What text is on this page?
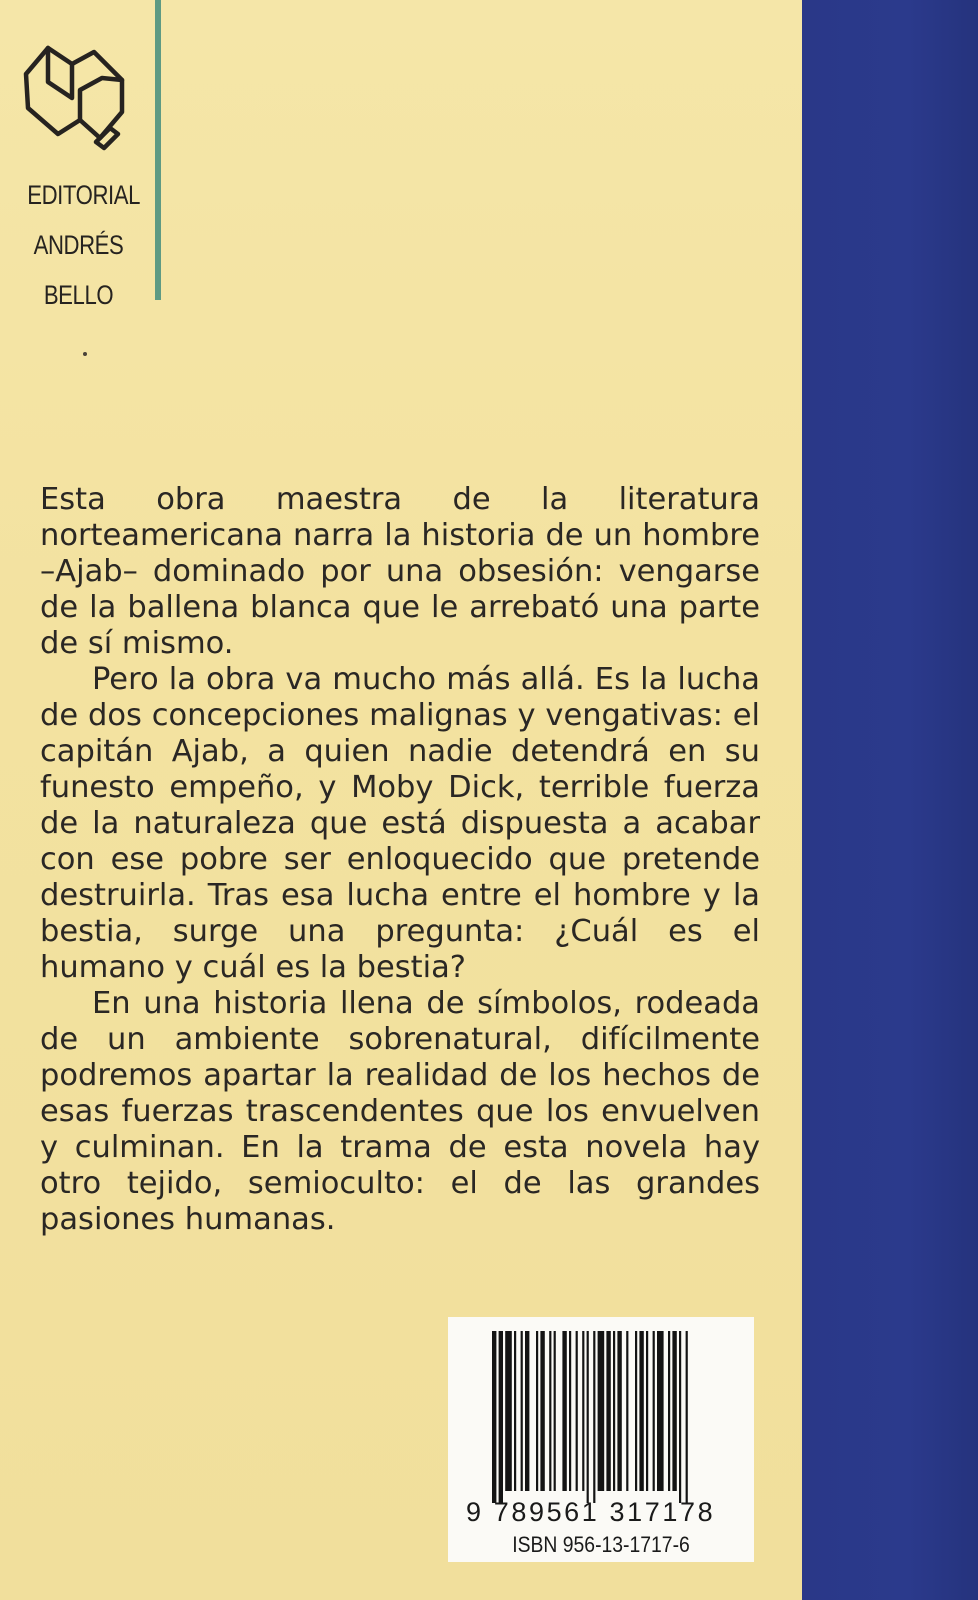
EDITORIAL
ANDRÉS
BELLO

Esta obra maestra de la literatura norteamericana narra la historia de un hombre –Ajab– dominado por una obsesión: vengarse de la ballena blanca que le arrebató una parte de sí mismo.

Pero la obra va mucho más allá. Es la lucha de dos concepciones malignas y vengativas: el capitán Ajab, a quien nadie detendrá en su funesto empeño, y Moby Dick, terrible fuerza de la naturaleza que está dispuesta a acabar con ese pobre ser enloquecido que pretende destruirla. Tras esa lucha entre el hombre y la bestia, surge una pregunta: ¿Cuál es el humano y cuál es la bestia?

En una historia llena de símbolos, rodeada de un ambiente sobrenatural, difícilmente podremos apartar la realidad de los hechos de esas fuerzas trascendentes que los envuelven y culminan. En la trama de esta novela hay otro tejido, semioculto: el de las grandes pasiones humanas.

9 789561 317178
ISBN 956-13-1717-6
